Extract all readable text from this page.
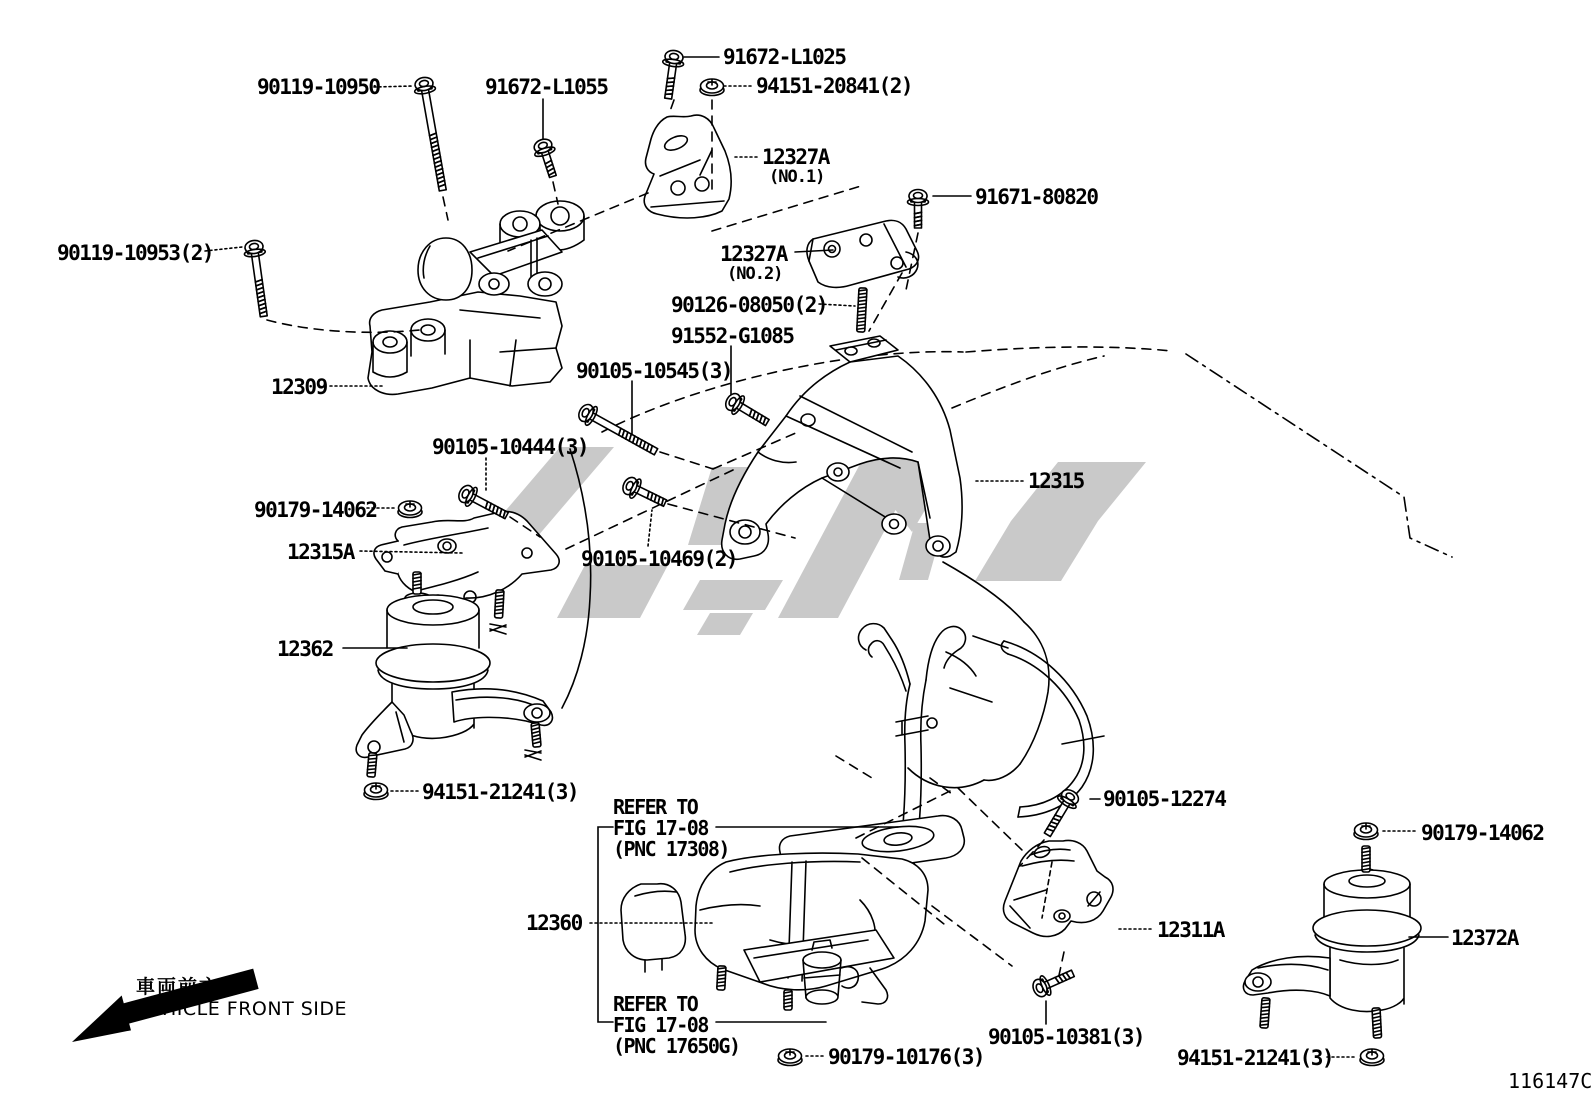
91672-L1025
90119-10950	91672-L1055	94151-20841(2)
12327A
(NO.1)
91671-80820
12327A
(NO.2)
90119-10953(2)
90126-08050(2)
91552-G1085
90105-10545(3)
12309
90105-10444(3)
12315
90179-14062
12315A	90105-10469(2)
12362
94151-21241(3)
REFER TO
FIG 17-08
(PNC 17308)
90105-12274
90179-14062
12360	12311A	12372A
REFER TO
FIG 17-08
(PNC 17650G)	90105-10381(3)
90179-10176(3)	94151-21241(3)
車両前方
VEHICLE FRONT SIDE
116147C
